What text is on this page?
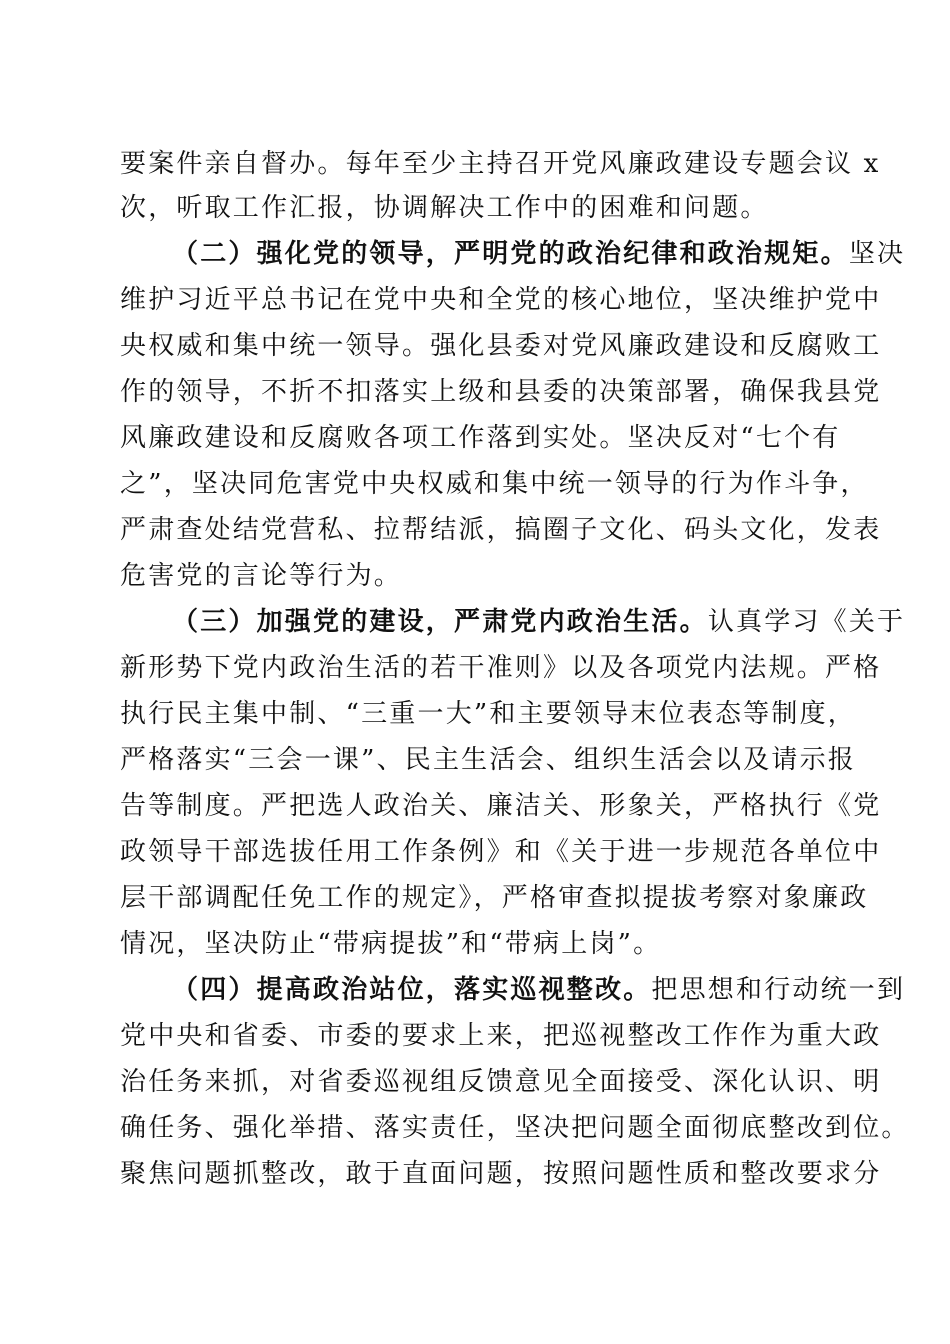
要案件亲自督办。每年至少主持召开党风廉政建设专题会议 x
次，听取工作汇报，协调解决工作中的困难和问题。
（二）强化党的领导，严明党的政治纪律和政治规矩。坚决
维护习近平总书记在党中央和全党的核心地位，坚决维护党中
央权威和集中统一领导。强化县委对党风廉政建设和反腐败工
作的领导，不折不扣落实上级和县委的决策部署，确保我县党
风廉政建设和反腐败各项工作落到实处。坚决反对“七个有
之”，坚决同危害党中央权威和集中统一领导的行为作斗争，
严肃查处结党营私、拉帮结派，搞圈子文化、码头文化，发表
危害党的言论等行为。
（三）加强党的建设，严肃党内政治生活。认真学习《关于
新形势下党内政治生活的若干准则》以及各项党内法规。严格
执行民主集中制、“三重一大”和主要领导末位表态等制度，
严格落实“三会一课”、民主生活会、组织生活会以及请示报
告等制度。严把选人政治关、廉洁关、形象关，严格执行《党
政领导干部选拔任用工作条例》和《关于进一步规范各单位中
层干部调配任免工作的规定》，严格审查拟提拔考察对象廉政
情况，坚决防止“带病提拔”和“带病上岗”。
（四）提高政治站位，落实巡视整改。把思想和行动统一到
党中央和省委、市委的要求上来，把巡视整改工作作为重大政
治任务来抓，对省委巡视组反馈意见全面接受、深化认识、明
确任务、强化举措、落实责任，坚决把问题全面彻底整改到位。
聚焦问题抓整改，敢于直面问题，按照问题性质和整改要求分
